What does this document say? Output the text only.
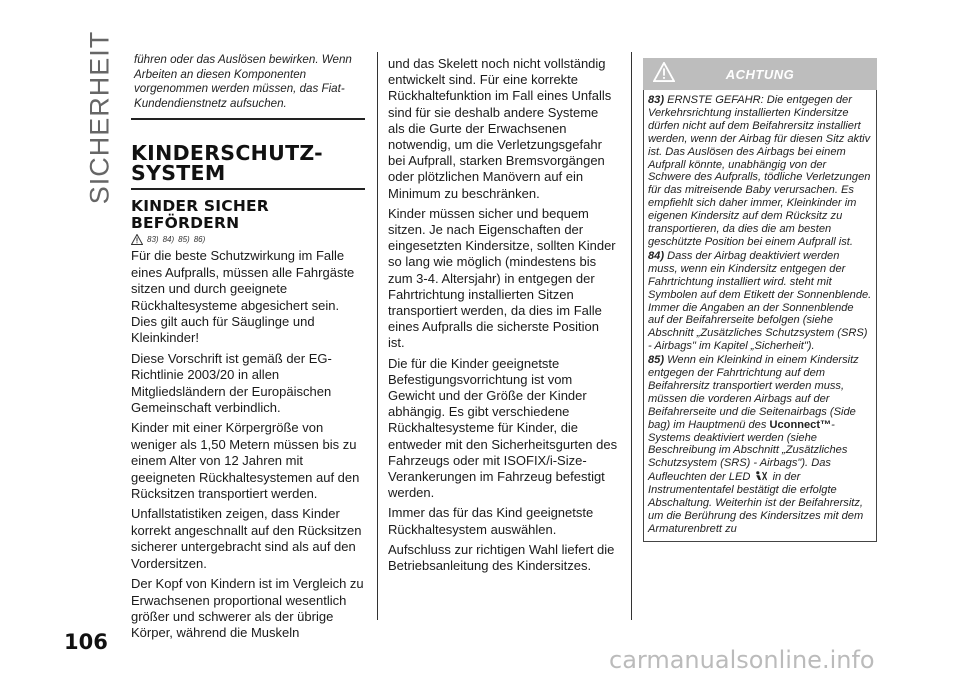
SICHERHEIT führen oder das Auslösen bewirken. Wenn Arbeiten an diesen Komponenten vorgenommen werden müssen, das Fiat-Kundendienstnetz aufsuchen.
KINDERSCHUTZ-SYSTEM
KINDER SICHER BEFÖRDERN
83) 84) 85) 86)

Für die beste Schutzwirkung im Falle eines Aufpralls, müssen alle Fahrgäste sitzen und durch geeignete Rückhaltesysteme abgesichert sein. Dies gilt auch für Säuglinge und Kleinkinder!

Diese Vorschrift ist gemäß der EG-Richtlinie 2003/20 in allen Mitgliedsländern der Europäischen Gemeinschaft verbindlich.

Kinder mit einer Körpergröße von weniger als 1,50 Metern müssen bis zu einem Alter von 12 Jahren mit geeigneten Rückhaltesystemen auf den Rücksitzen transportiert werden.

Unfallstatistiken zeigen, dass Kinder korrekt angeschnallt auf den Rücksitzen sicherer untergebracht sind als auf den Vordersitzen.

Der Kopf von Kindern ist im Vergleich zu Erwachsenen proportional wesentlich größer und schwerer als der übrige Körper, während die Muskeln

und das Skelett noch nicht vollständig entwickelt sind. Für eine korrekte Rückhaltefunktion im Fall eines Unfalls sind für sie deshalb andere Systeme als die Gurte der Erwachsenen notwendig, um die Verletzungsgefahr bei Aufprall, starken Bremsvorgängen oder plötzlichen Manövern auf ein Minimum zu beschränken.

Kinder müssen sicher und bequem sitzen. Je nach Eigenschaften der eingesetzten Kindersitze, sollten Kinder so lang wie möglich (mindestens bis zum 3-4. Altersjahr) in entgegen der Fahrtrichtung installierten Sitzen transportiert werden, da dies im Falle eines Aufpralls die sicherste Position ist.

Die für die Kinder geeignetste Befestigungsvorrichtung ist vom Gewicht und der Größe der Kinder abhängig. Es gibt verschiedene Rückhaltesysteme für Kinder, die entweder mit den Sicherheitsgurten des Fahrzeugs oder mit ISOFIX/i-Size-Verankerungen im Fahrzeug befestigt werden.

Immer das für das Kind geeignetste Rückhaltesystem auswählen.

Aufschluss zur richtigen Wahl liefert die Betriebsanleitung des Kindersitzes.

ACHTUNG

83) ERNSTE GEFAHR: Die entgegen der Verkehrsrichtung installierten Kindersitze dürfen nicht auf dem Beifahrersitz installiert werden, wenn der Airbag für diesen Sitz aktiv ist. Das Auslösen des Airbags bei einem Aufprall könnte, unabhängig von der Schwere des Aufpralls, tödliche Verletzungen für das mitreisende Baby verursachen. Es empfiehlt sich daher immer, Kleinkinder im eigenen Kindersitz auf dem Rücksitz zu transportieren, da dies die am besten geschützte Position bei einem Aufprall ist.

84) Dass der Airbag deaktiviert werden muss, wenn ein Kindersitz entgegen der Fahrtrichtung installiert wird. steht mit Symbolen auf dem Etikett der Sonnenblende. Immer die Angaben an der Sonnenblende auf der Beifahrerseite befolgen (siehe Abschnitt „Zusätzliches Schutzsystem (SRS) - Airbags" im Kapitel „Sicherheit").

85) Wenn ein Kleinkind in einem Kindersitz entgegen der Fahrtrichtung auf dem Beifahrersitz transportiert werden muss, müssen die vorderen Airbags auf der Beifahrerseite und die Seitenairbags (Side bag) im Hauptmenü des Uconnect™-Systems deaktiviert werden (siehe Beschreibung im Abschnitt „Zusätzliches Schutzsystem (SRS) - Airbags"). Das Aufleuchten der LED in der Instrumententafel bestätigt die erfolgte Abschaltung. Weiterhin ist der Beifahrersitz, um die Berührung des Kindersitzes mit dem Armaturenbrett zu

106
carmanualsonline.info
